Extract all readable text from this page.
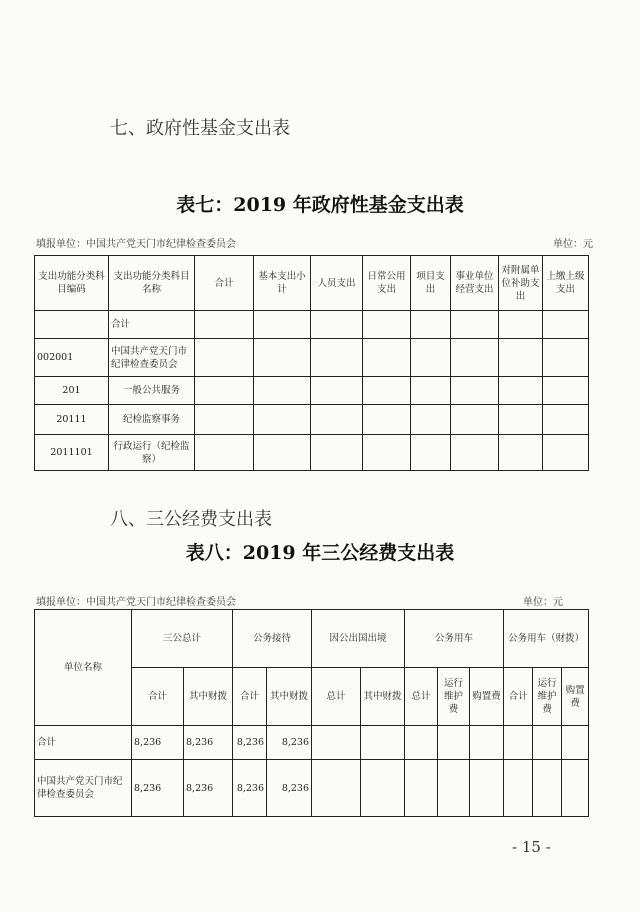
七、政府性基金支出表
表七：2019 年政府性基金支出表
填报单位：中国共产党天门市纪律检查委员会	单位：元
支出功能分类科目编码	支出功能分类科目名称	合计	基本支出小计	人员支出	日常公用支出	项目支出	事业单位经营支出	对附属单位补助支出	上缴上级支出
	合计								
002001	中国共产党天门市纪律检查委员会								
201	一般公共服务								
20111	纪检监察事务								
2011101	行政运行（纪检监察）								
八、三公经费支出表
表八：2019 年三公经费支出表
填报单位：中国共产党天门市纪律检查委员会	单位：元
单位名称	三公总计		公务接待		因公出国出境		公务用车			公务用车（财拨）		
	合计	其中财拨	合计	其中财拨	总计	其中财拨	总计	运行维护费	购置费	合计	运行维护费	购置费
合计	8,236	8,236	8,236	8,236								
中国共产党天门市纪律检查委员会	8,236	8,236	8,236	8,236								
- 15 -
